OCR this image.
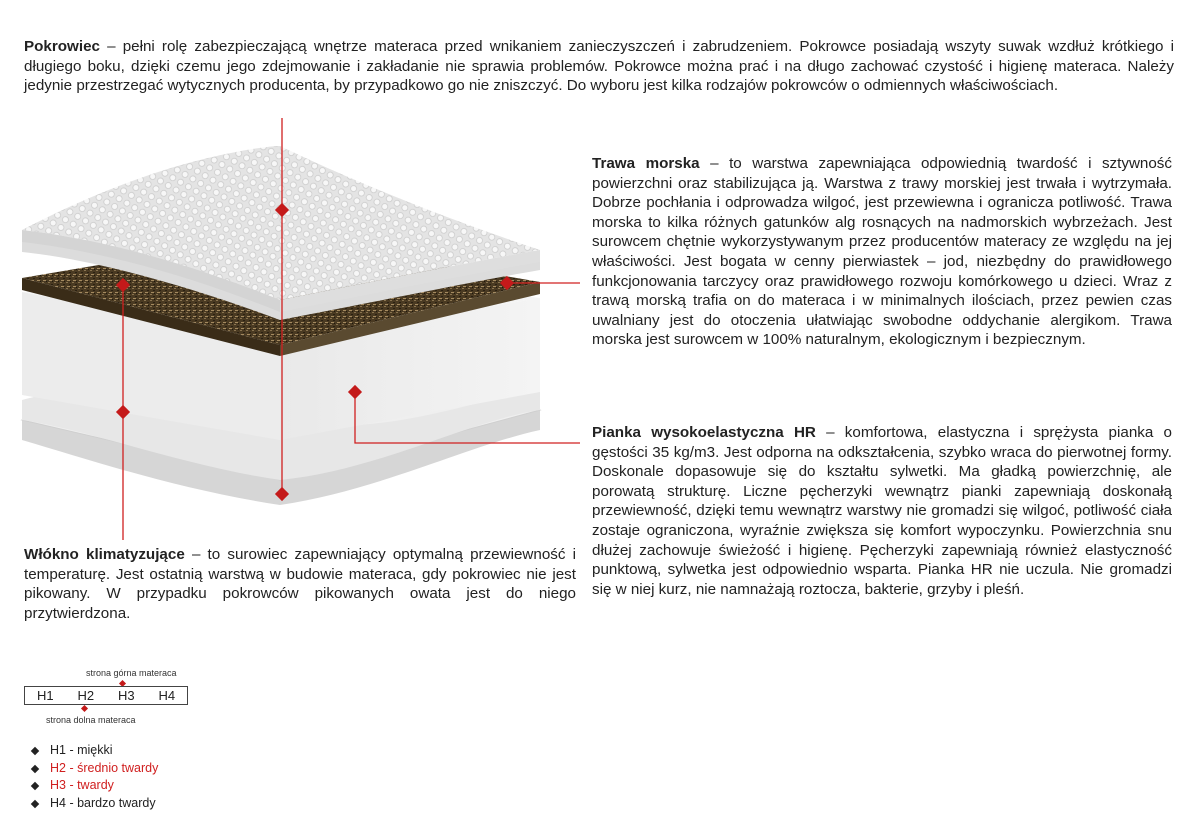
Pokrowiec – pełni rolę zabezpieczającą wnętrze materaca przed wnikaniem zanieczyszczeń i zabrudzeniem. Pokrowce posiadają wszyty suwak wzdłuż krótkiego i długiego boku, dzięki czemu jego zdejmowanie i zakładanie nie sprawia problemów. Pokrowce można prać i na długo zachować czystość i higienę materaca. Należy jedynie przestrzegać wytycznych producenta, by przypadkowo go nie zniszczyć. Do wyboru jest kilka rodzajów pokrowców o odmiennych właściwościach.
Trawa morska – to warstwa zapewniająca odpowiednią twardość i sztywność powierzchni oraz stabilizująca ją. Warstwa z trawy morskiej jest trwała i wytrzymała. Dobrze pochłania i odprowadza wilgoć, jest przewiewna i ogranicza potliwość. Trawa morska to kilka różnych gatunków alg rosnących na nadmorskich wybrzeżach. Jest surowcem chętnie wykorzystywanym przez producentów materacy ze względu na jej właściwości. Jest bogata w cenny pierwiastek – jod, niezbędny do prawidłowego funkcjonowania tarczycy oraz prawidłowego rozwoju komórkowego u dzieci. Wraz z trawą morską trafia on do materaca i w minimalnych ilościach, przez pewien czas uwalniany jest do otoczenia ułatwiając swobodne oddychanie alergikom. Trawa morska jest surowcem w 100% naturalnym, ekologicznym i bezpiecznym.
Pianka wysokoelastyczna HR – komfortowa, elastyczna i sprężysta pianka o gęstości 35 kg/m3. Jest odporna na odkształcenia, szybko wraca do pierwotnej formy. Doskonale dopasowuje się do kształtu sylwetki. Ma gładką powierzchnię, ale porowatą strukturę. Liczne pęcherzyki wewnątrz pianki zapewniają doskonałą przewiewność, dzięki temu wewnątrz warstwy nie gromadzi się wilgoć, potliwość ciała zostaje ograniczona, wyraźnie zwiększa się komfort wypoczynku. Powierzchnia snu dłużej zachowuje świeżość i higienę. Pęcherzyki zapewniają również elastyczność punktową, sylwetka jest odpowiednio wsparta. Pianka HR nie uczula. Nie gromadzi się w niej kurz, nie namnażają roztocza, bakterie, grzyby i pleśń.
Włókno klimatyzujące – to surowiec zapewniający optymalną przewiewność i temperaturę. Jest ostatnią warstwą w budowie materaca, gdy pokrowiec nie jest pikowany. W przypadku pokrowców pikowanych owata jest do niego przytwierdzona.
strona górna materaca
H1	H2	H3	H4
strona dolna materaca
H1 - miękki
H2 - średnio twardy
H3 - twardy
H4 - bardzo twardy
